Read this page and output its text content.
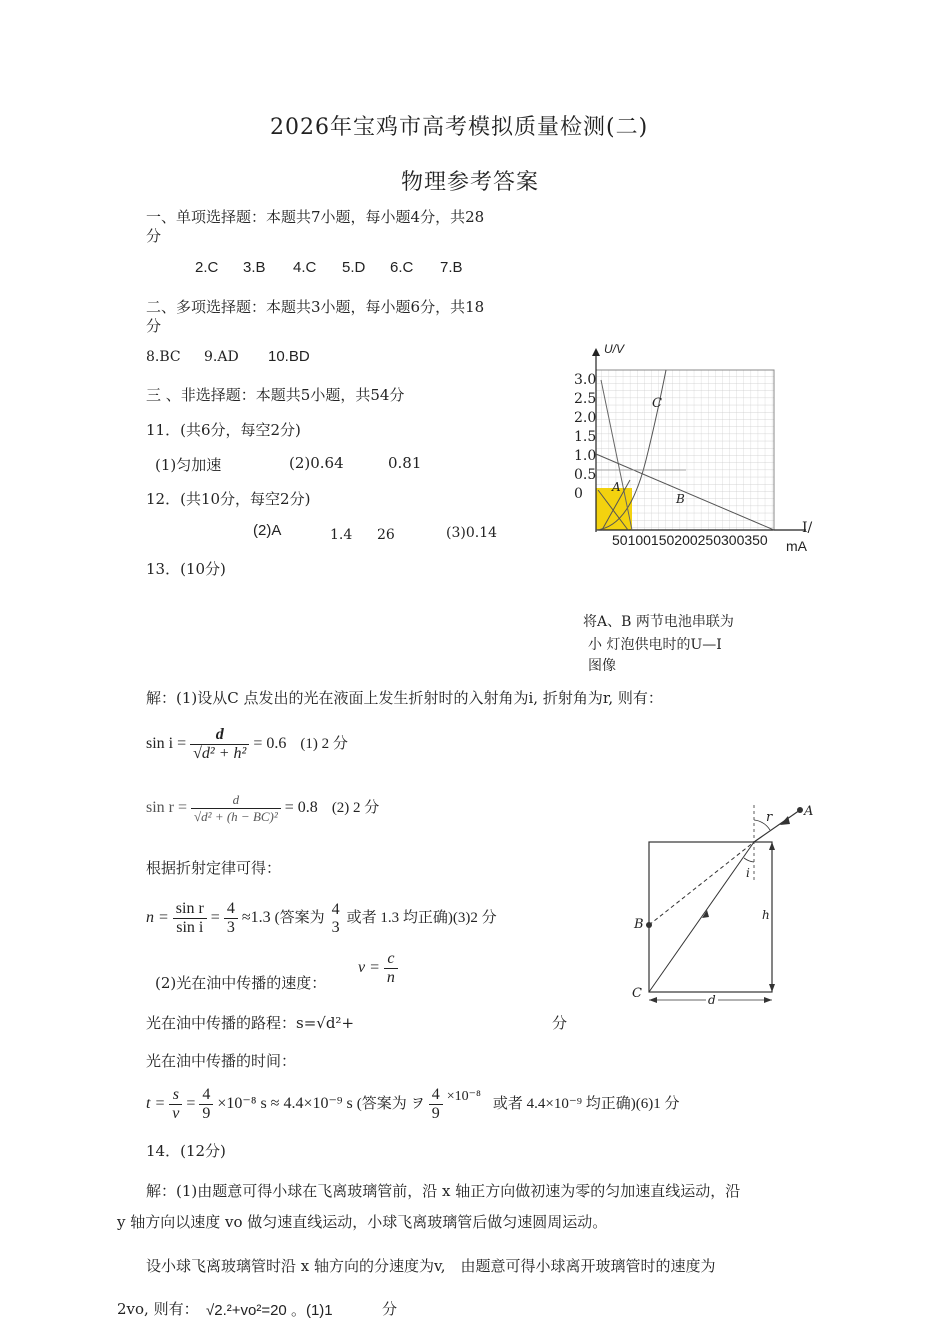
2026年宝鸡市高考模拟质量检测(二)
物理参考答案
一、单项选择题：本题共7小题，每小题4分，共28
分
2.C 3.B 4.C 5.D 6.C 7.B
二、多项选择题：本题共3小题，每小题6分，共18
分
8.BC 9.AD 10.BD
三 、非选择题：本题共5小题，共54分
11．(共6分，每空2分)
(1)匀加速	(2)0.64	0.81
12．(共10分，每空2分)
(2)A	1.4 26	(3)0.14
13．(10分)
U/V
3.0
2.5
2.0
1.5
1.0
0.5
0
C
A
B
I/
50100150200250300350 mA
将A、B 两节电池串联为
小 灯泡供电时的U—I
图像
解：(1)设从C 点发出的光在液面上发生折射时的入射角为i, 折射角为r, 则有：
$\sin i = \frac{d}{\text{√d² + h²}} = 0.6$ (1) 2 分
$\sin r = \frac{d}{\text{√d² + (h − BC)²}} = 0.8$ (2) 2 分
根据折射定律可得：
$n = \frac{\text{sin r}}{\text{sin i}} = \frac{4}{3} \approx 1.3$ (答案为
4
3
或者 1.3 均正确)(3)2 分
(2)光在油中传播的速度：
$v = \frac{c}{n}$
光在油中传播的路程：s=√d²+	分
光在油中传播的时间：
$t = \frac{s}{v} = \frac{4}{9} \times 10^{-8}$ s ≈ 4.4×10⁻⁹ s (答案为 ヲ $\frac{4}{9} \times 10^{-8}$ 或者 4.4×10⁻⁹ 均正确)(6)1 分
A
B
C
r
i
h
d
14．(12分)
解：(1)由题意可得小球在飞离玻璃管前，沿 x 轴正方向做初速为零的匀加速直线运动，沿
y 轴方向以速度 vo 做匀速直线运动，小球飞离玻璃管后做匀速圆周运动。
设小球飞离玻璃管时沿 x 轴方向的分速度为v,　由题意可得小球离开玻璃管时的速度为
2vo, 则有： √2.²+vo²=20 。(1)1	分
